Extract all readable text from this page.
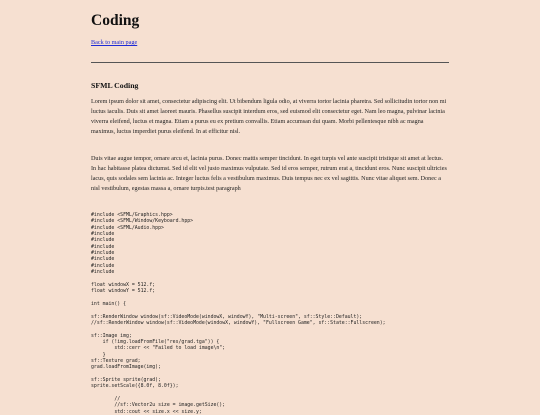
Coding
Back to main page
SFML Coding

Lorem ipsum dolor sit amet, consectetur adipiscing elit. Ut bibendum ligula odio, at viverra tortor lacinia pharetra. Sed sollicitudin tortor non mi luctus iaculis. Duis sit amet laoreet mauris. Phasellus suscipit interdum eros, sed euismod elit consectetur eget. Nam leo magna, pulvinar lacinia viverra eleifend, luctus et magna. Etiam a purus eu ex pretium convallis. Etiam accumsan dui quam. Morbi pellentesque nibh ac magna maximus, luctus imperdiet purus eleifend. In at efficitur nisl.

Duis vitae augue tempor, ornare arcu et, lacinia purus. Donec mattis semper tincidunt. In eget turpis vel ante suscipit tristique sit amet at lectus. In hac habitasse platea dictumst. Sed id elit vel justo maximus vulputate. Sed id eros semper, rutrum erat a, tincidunt eros. Nunc suscipit ultricies lacus, quis sodales sem lacinia ac. Integer luctus felis a vestibulum maximus. Duis tempus nec ex vel sagittis. Nunc vitae aliquet sem. Donec a nisl vestibulum, egestas massa a, ornare turpis.test paragraph

#include <SFML/Graphics.hpp>
#include <SFML/Window/Keyboard.hpp>
#include <SFML/Audio.hpp>
#include
#include
#include
#include
#include
#include
#include

float windowX = 512.f;
float windowY = 512.f;

int main() {

sf::RenderWindow window(sf::VideoMode(windowX, windowY), "Multi-screen", sf::Style::Default);
//sf::RenderWindow window(sf::VideoMode(windowX, windowY), "Fullscreen Game", sf::State::Fullscreen);

sf::Image img;
if (!img.loadFromFile("res/grad.tga")) {
std::cerr << "Failed to load image\n";
}
sf::Texture grad;
grad.loadFromImage(img);

sf::Sprite sprite(grad);
sprite.setScale({8.0f, 8.0f});

//
//sf::Vector2u size = image.getSize();
std::cout << size.x << size.y;
